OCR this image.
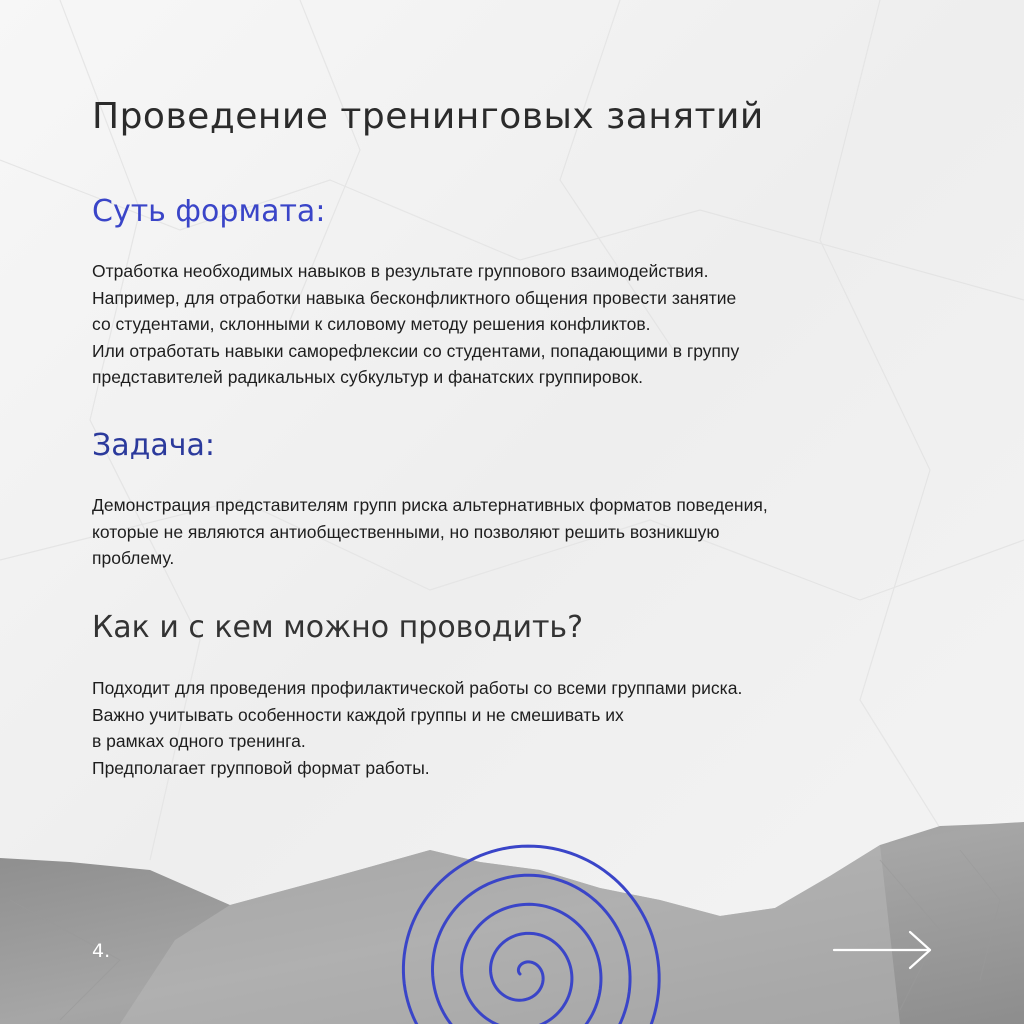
Проведение тренинговых занятий
Суть формата:
Отработка необходимых навыков в результате группового взаимодействия.
Например, для отработки навыка бесконфликтного общения провести занятие
со студентами, склонными к силовому методу решения конфликтов.
Или отработать навыки саморефлексии со студентами, попадающими в группу
представителей радикальных субкультур и фанатских группировок.
Задача:
Демонстрация представителям групп риска альтернативных форматов поведения,
которые не являются антиобщественными, но позволяют решить возникшую
проблему.
Как и с кем можно проводить?
Подходит для проведения профилактической работы со всеми группами риска.
Важно учитывать особенности каждой группы и не смешивать их
в рамках одного тренинга.
Предполагает групповой формат работы.
4.
